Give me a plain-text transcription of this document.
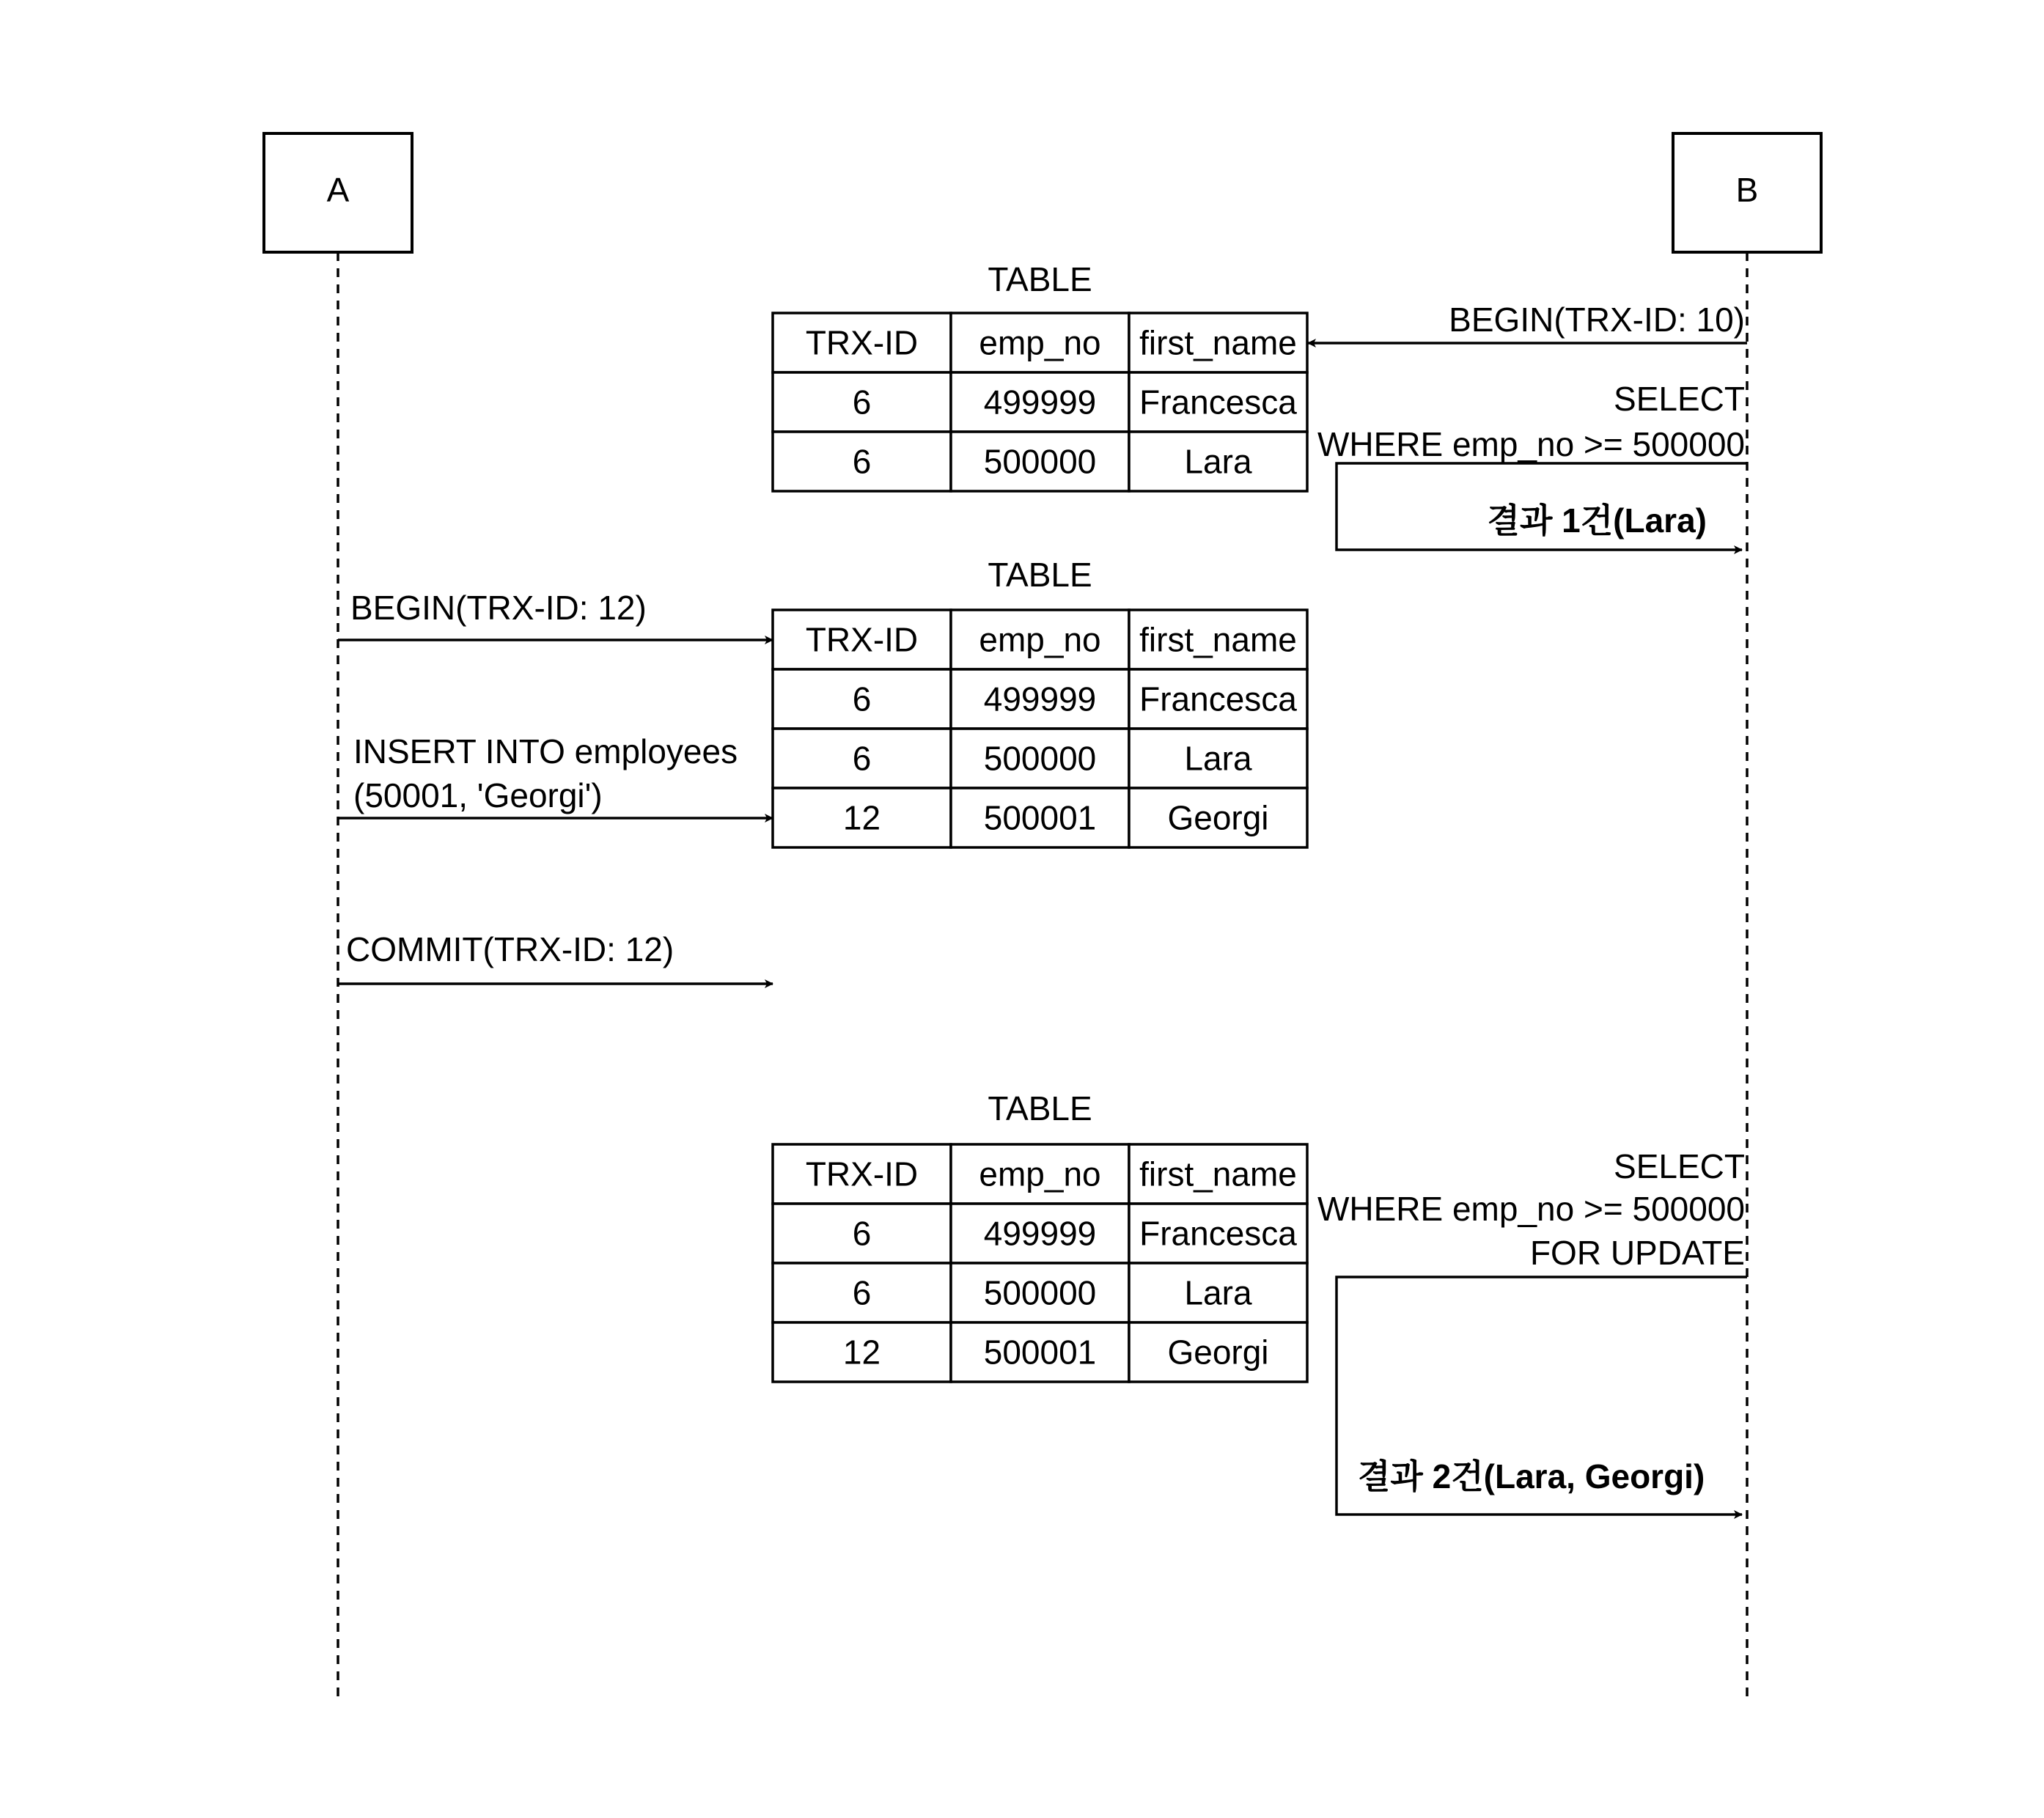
A	B
TABLE
TRX-ID emp_no first_name
6	499999 Francesca
6	500000	Lara
TABLE
TRX-ID emp_no first_name
6	499999 Francesca
6	500000	Lara
12	500001 Georgi
TABLE
TRX-ID emp_no first_name
6	499999 Francesca
6	500000	Lara
12	500001 Georgi
BEGIN(TRX-ID: 10)
SELECT
WHERE emp_no >= 500000
결과 1건(Lara)
BEGIN(TRX-ID: 12)
INSERT INTO employees
(50001, 'Georgi')
COMMIT(TRX-ID: 12)
SELECT
WHERE emp_no >= 500000
FOR UPDATE
결과 2건(Lara, Georgi)
